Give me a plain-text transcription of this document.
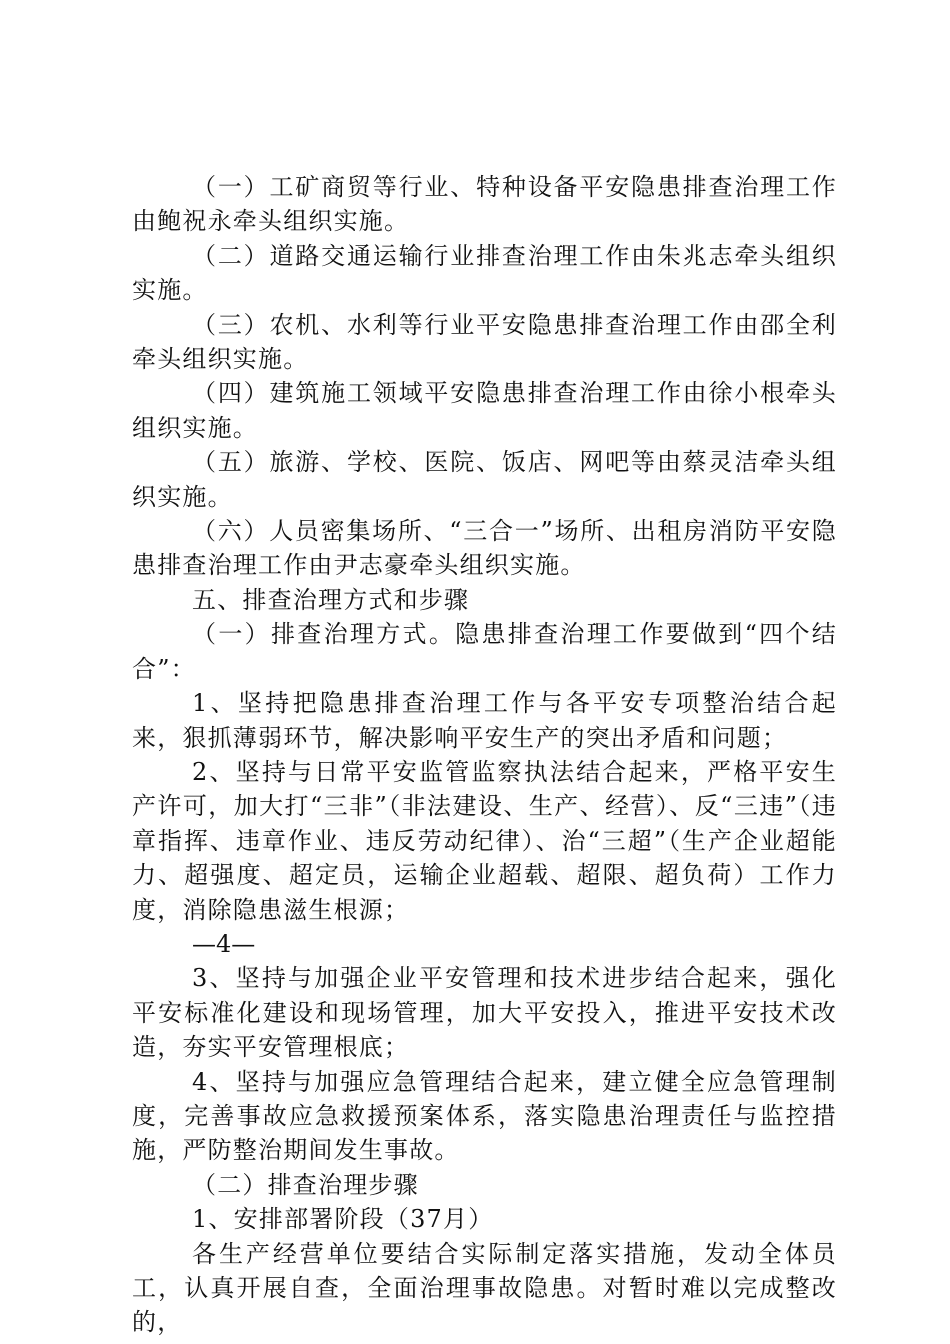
（一）工矿商贸等行业、特种设备平安隐患排查治理工作由鲍祝永牵头组织实施。

（二）道路交通运输行业排查治理工作由朱兆志牵头组织实施。

（三）农机、水利等行业平安隐患排查治理工作由邵全利牵头组织实施。

（四）建筑施工领域平安隐患排查治理工作由徐小根牵头组织实施。

（五）旅游、学校、医院、饭店、网吧等由蔡灵洁牵头组织实施。

（六）人员密集场所、“三合一”场所、出租房消防平安隐患排查治理工作由尹志豪牵头组织实施。

五、排查治理方式和步骤

（一）排查治理方式。隐患排查治理工作要做到“四个结合”：

1、坚持把隐患排查治理工作与各平安专项整治结合起来，狠抓薄弱环节，解决影响平安生产的突出矛盾和问题；

2、坚持与日常平安监管监察执法结合起来，严格平安生产许可，加大打“三非”（非法建设、生产、经营）、反“三违”（违章指挥、违章作业、违反劳动纪律）、治“三超”（生产企业超能力、超强度、超定员，运输企业超载、超限、超负荷）工作力度，消除隐患滋生根源；

—4—

3、坚持与加强企业平安管理和技术进步结合起来，强化平安标准化建设和现场管理，加大平安投入，推进平安技术改造，夯实平安管理根底；

4、坚持与加强应急管理结合起来，建立健全应急管理制度，完善事故应急救援预案体系，落实隐患治理责任与监控措施，严防整治期间发生事故。

（二）排查治理步骤

1、安排部署阶段（37月）

各生产经营单位要结合实际制定落实措施，发动全体员工，认真开展自查，全面治理事故隐患。对暂时难以完成整改的，
